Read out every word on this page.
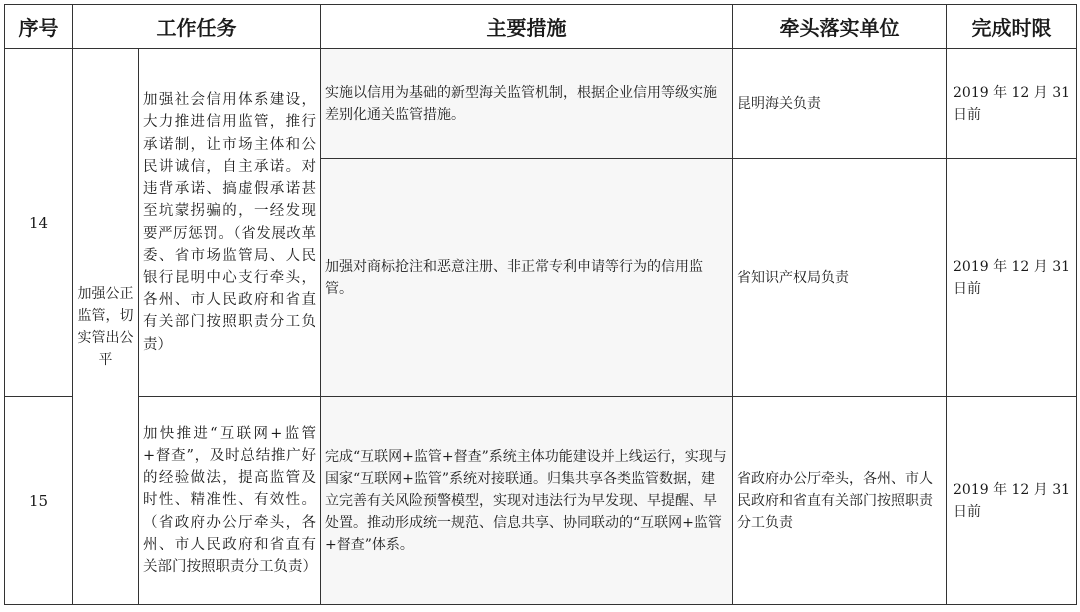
序号	工作任务		主要措施	牵头落实单位	完成时限
14	加强公正监管，切实管出公平	加强社会信用体系建设，大力推进信用监管，推行承诺制，让市场主体和公民讲诚信，自主承诺。对违背承诺、搞虚假承诺甚至坑蒙拐骗的，一经发现要严厉惩罚。（省发展改革委、省市场监管局、人民银行昆明中心支行牵头，各州、市人民政府和省直有关部门按照职责分工负责）	实施以信用为基础的新型海关监管机制，根据企业信用等级实施差别化通关监管措施。	昆明海关负责	2019 年 12 月 31 日前
			加强对商标抢注和恶意注册、非正常专利申请等行为的信用监管。	省知识产权局负责	2019 年 12 月 31 日前
15		加快推进“互联网+监管+督查”，及时总结推广好的经验做法，提高监管及时性、精准性、有效性。（省政府办公厅牵头，各州、市人民政府和省直有关部门按照职责分工负责）	完成“互联网+监管+督查”系统主体功能建设并上线运行，实现与国家“互联网+监管”系统对接联通。归集共享各类监管数据，建立完善有关风险预警模型，实现对违法行为早发现、早提醒、早处置。推动形成统一规范、信息共享、协同联动的“互联网+监管+督查”体系。	省政府办公厅牵头，各州、市人民政府和省直有关部门按照职责分工负责	2019 年 12 月 31 日前
